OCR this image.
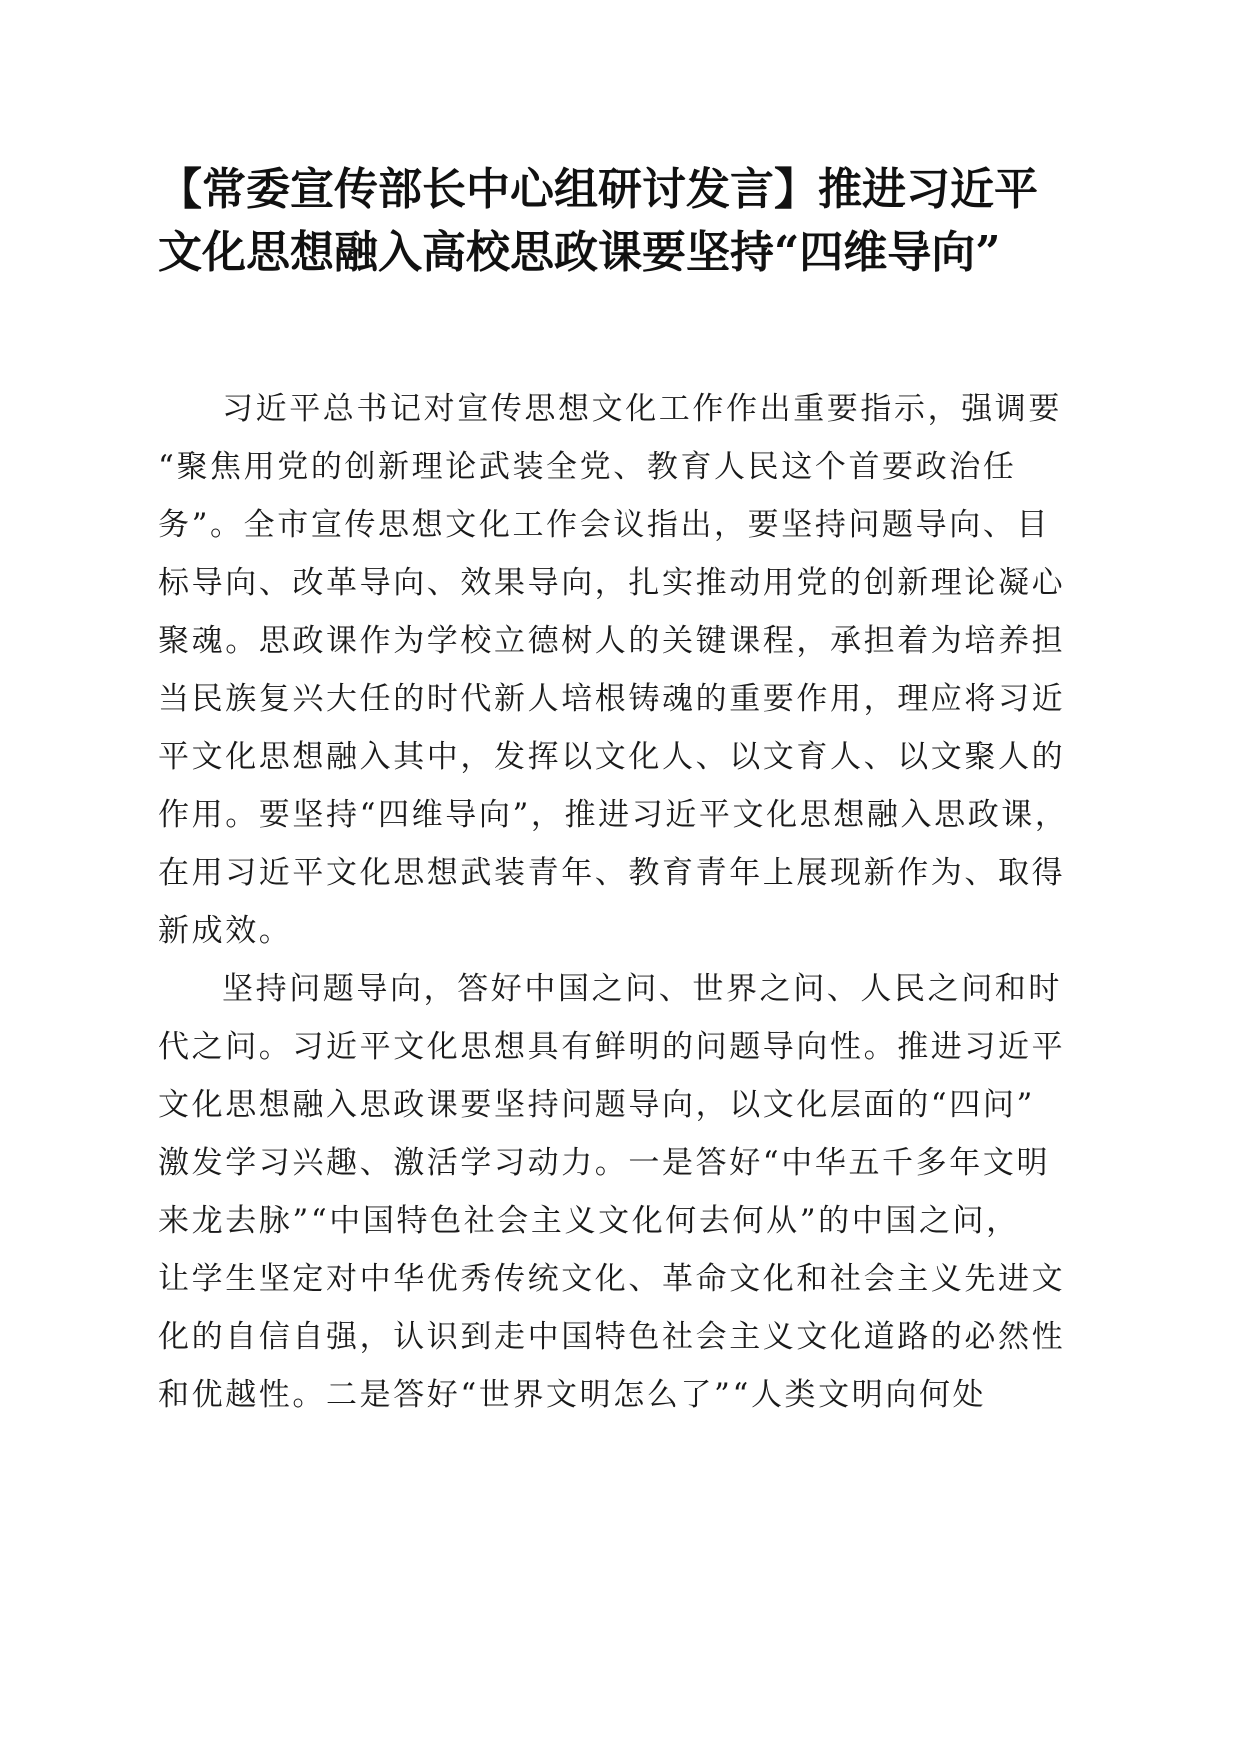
【常委宣传部长中心组研讨发言】推进习近平
文化思想融入高校思政课要坚持“四维导向”
习近平总书记对宣传思想文化工作作出重要指示，强调要
“聚焦用党的创新理论武装全党、教育人民这个首要政治任
务”。全市宣传思想文化工作会议指出，要坚持问题导向、目
标导向、改革导向、效果导向，扎实推动用党的创新理论凝心
聚魂。思政课作为学校立德树人的关键课程，承担着为培养担
当民族复兴大任的时代新人培根铸魂的重要作用，理应将习近
平文化思想融入其中，发挥以文化人、以文育人、以文聚人的
作用。要坚持“四维导向”，推进习近平文化思想融入思政课，
在用习近平文化思想武装青年、教育青年上展现新作为、取得
新成效。
坚持问题导向，答好中国之问、世界之问、人民之问和时
代之问。习近平文化思想具有鲜明的问题导向性。推进习近平
文化思想融入思政课要坚持问题导向，以文化层面的“四问”
激发学习兴趣、激活学习动力。一是答好“中华五千多年文明
来龙去脉”“中国特色社会主义文化何去何从”的中国之问，
让学生坚定对中华优秀传统文化、革命文化和社会主义先进文
化的自信自强，认识到走中国特色社会主义文化道路的必然性
和优越性。二是答好“世界文明怎么了”“人类文明向何处
